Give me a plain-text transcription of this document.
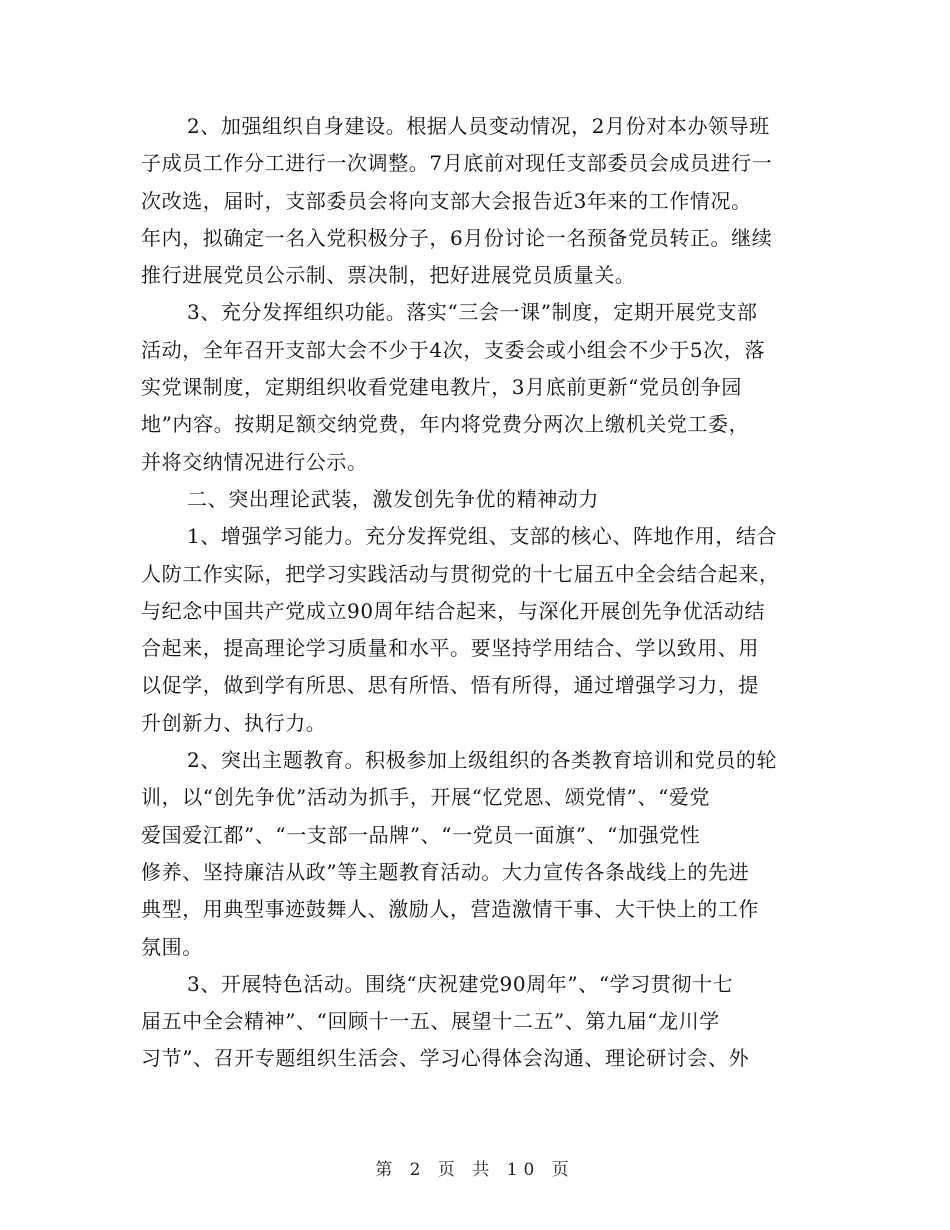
2、加强组织自身建设。根据人员变动情况，2月份对本办领导班
子成员工作分工进行一次调整。7月底前对现任支部委员会成员进行一
次改选，届时，支部委员会将向支部大会报告近3年来的工作情况。
年内，拟确定一名入党积极分子，6月份讨论一名预备党员转正。继续
推行进展党员公示制、票决制，把好进展党员质量关。

3、充分发挥组织功能。落实“三会一课”制度，定期开展党支部
活动，全年召开支部大会不少于4次，支委会或小组会不少于5次，落
实党课制度，定期组织收看党建电教片，3月底前更新“党员创争园
地”内容。按期足额交纳党费，年内将党费分两次上缴机关党工委，
并将交纳情况进行公示。

二、突出理论武装，激发创先争优的精神动力

1、增强学习能力。充分发挥党组、支部的核心、阵地作用，结合
人防工作实际，把学习实践活动与贯彻党的十七届五中全会结合起来，
与纪念中国共产党成立90周年结合起来，与深化开展创先争优活动结
合起来，提高理论学习质量和水平。要坚持学用结合、学以致用、用
以促学，做到学有所思、思有所悟、悟有所得，通过增强学习力，提
升创新力、执行力。

2、突出主题教育。积极参加上级组织的各类教育培训和党员的轮
训，以“创先争优”活动为抓手，开展“忆党恩、颂党情”、“爱党
爱国爱江都”、“一支部一品牌”、“一党员一面旗”、“加强党性
修养、坚持廉洁从政”等主题教育活动。大力宣传各条战线上的先进
典型，用典型事迹鼓舞人、激励人，营造激情干事、大干快上的工作
氛围。

3、开展特色活动。围绕“庆祝建党90周年”、“学习贯彻十七
届五中全会精神”、“回顾十一五、展望十二五”、第九届“龙川学
习节”、召开专题组织生活会、学习心得体会沟通、理论研讨会、外

第 2 页 共 10 页
